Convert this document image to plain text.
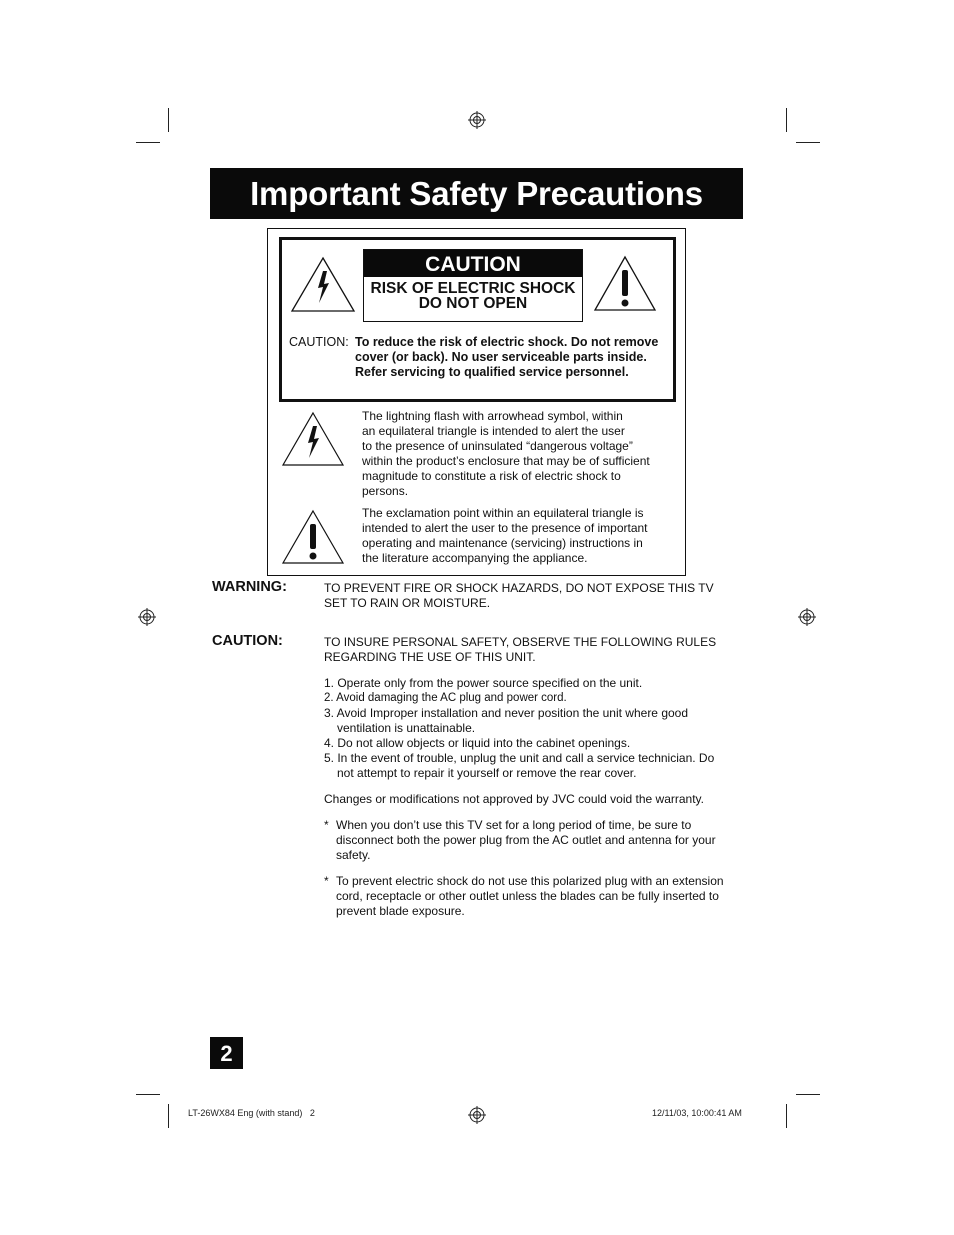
Important Safety Precautions
CAUTION
RISK OF ELECTRIC SHOCK
DO NOT OPEN
CAUTION: To reduce the risk of electric shock. Do not remove
cover (or back). No user serviceable parts inside.
Refer servicing to qualified service personnel.
The lightning flash with arrowhead symbol, within
an equilateral triangle is intended to alert the user
to the presence of uninsulated “dangerous voltage”
within the product’s enclosure that may be of sufficient
magnitude to constitute a risk of electric shock to
persons.
The exclamation point within an equilateral triangle is
intended to alert the user to the presence of important
operating and maintenance (servicing) instructions in
the literature accompanying the appliance.
WARNING:	TO PREVENT FIRE OR SHOCK HAZARDS, DO NOT EXPOSE THIS TV
SET TO RAIN OR MOISTURE.
CAUTION:	TO INSURE PERSONAL SAFETY, OBSERVE THE FOLLOWING RULES
REGARDING THE USE OF THIS UNIT.
1. Operate only from the power source specified on the unit.
2. Avoid damaging the AC plug and power cord.
3. Avoid Improper installation and never position the unit where good
ventilation is unattainable.
4. Do not allow objects or liquid into the cabinet openings.
5. In the event of trouble, unplug the unit and call a service technician. Do
not attempt to repair it yourself or remove the rear cover.
Changes or modifications not approved by JVC could void the warranty.
* When you don’t use this TV set for a long period of time, be sure to
disconnect both the power plug from the AC outlet and antenna for your
safety.
* To prevent electric shock do not use this polarized plug with an extension
cord, receptacle or other outlet unless the blades can be fully inserted to
prevent blade exposure.
2
LT-26WX84 Eng (with stand)   2	12/11/03, 10:00:41 AM
